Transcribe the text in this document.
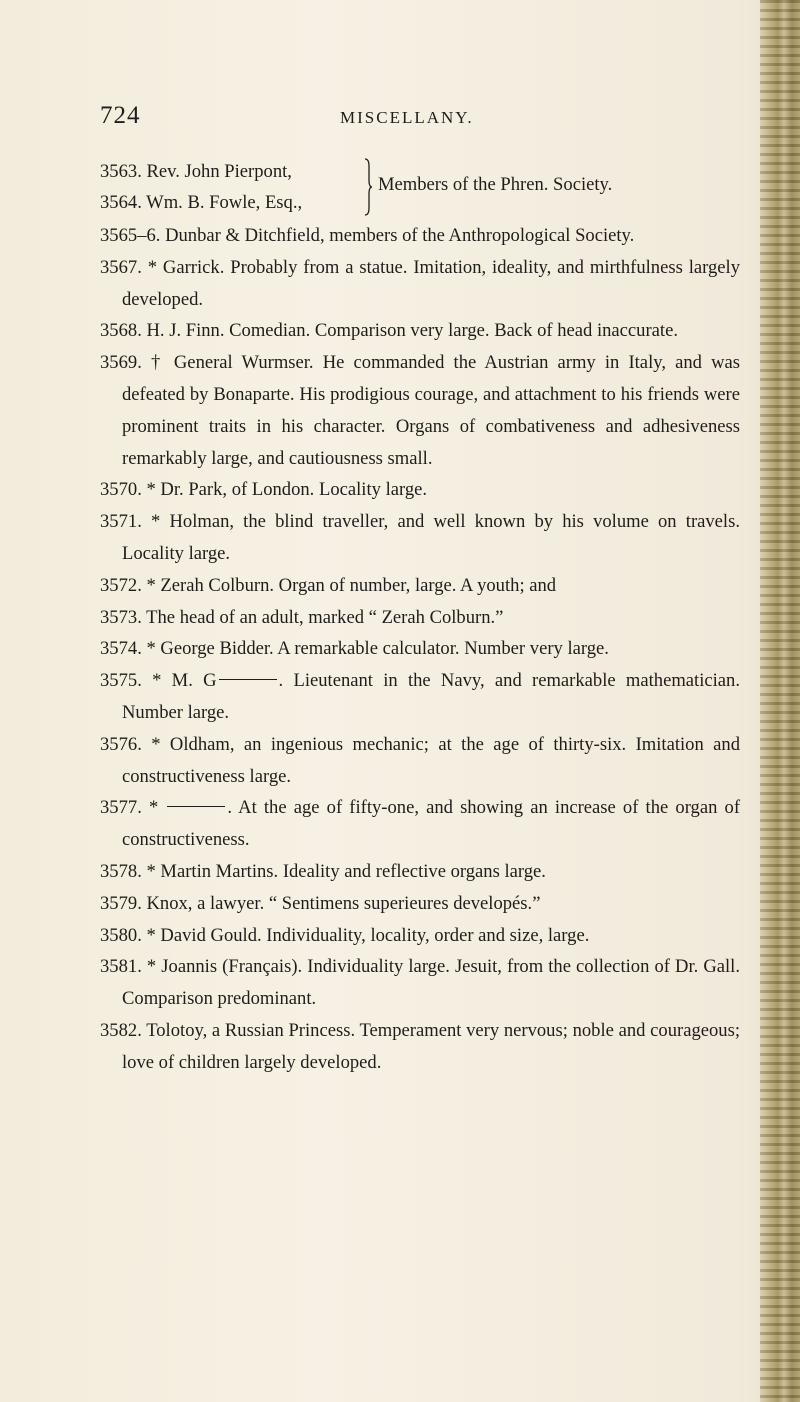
724	MISCELLANY.
3563. Rev. John Pierpont,
3564. Wm. B. Fowle, Esq.,
Members of the Phren. Society.

3565–6. Dunbar & Ditchfield, members of the Anthropological Society.

3567. * Garrick. Probably from a statue. Imitation, ideality, and mirthfulness largely developed.

3568. H. J. Finn. Comedian. Comparison very large. Back of head inaccurate.

3569. † General Wurmser. He commanded the Austrian army in Italy, and was defeated by Bonaparte. His prodigious courage, and attachment to his friends were prominent traits in his character. Organs of combativeness and adhesiveness remarkably large, and cautiousness small.

3570. * Dr. Park, of London. Locality large.

3571. * Holman, the blind traveller, and well known by his volume on travels. Locality large.

3572. * Zerah Colburn. Organ of number, large. A youth; and

3573. The head of an adult, marked “ Zerah Colburn.”

3574. * George Bidder. A remarkable calculator. Number very large.

3575. * M. G	. Lieutenant in the Navy, and remarkable mathematician. Number large.

3576. * Oldham, an ingenious mechanic; at the age of thirty-six. Imitation and constructiveness large.

3577. *	. At the age of fifty-one, and showing an increase of the organ of constructiveness.

3578. * Martin Martins. Ideality and reflective organs large.

3579. Knox, a lawyer. “ Sentimens superieures developés.”

3580. * David Gould. Individuality, locality, order and size, large.

3581. * Joannis (Français). Individuality large. Jesuit, from the collection of Dr. Gall. Comparison predominant.

3582. Tolotoy, a Russian Princess. Temperament very nervous; noble and courageous; love of children largely developed.
